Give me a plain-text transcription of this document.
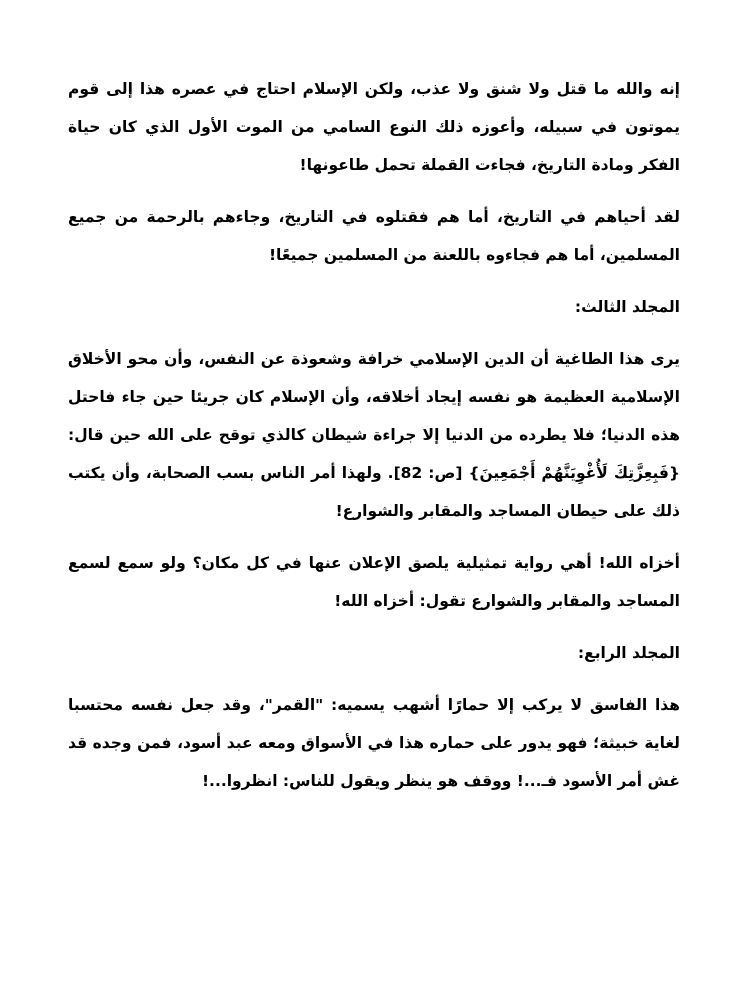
إنه والله ما قتل ولا شنق ولا عذب، ولكن الإسلام احتاج في عصره هذا إلى قوم يموتون في سبيله، وأعوزه ذلك النوع السامي من الموت الأول الذي كان حياة الفكر ومادة التاريخ، فجاءت القملة تحمل طاعونها!

لقد أحياهم في التاريخ، أما هم فقتلوه في التاريخ، وجاءهم بالرحمة من جميع المسلمين، أما هم فجاءوه باللعنة من المسلمين جميعًا!

المجلد الثالث:

يرى هذا الطاغية أن الدين الإسلامي خرافة وشعوذة عن النفس، وأن محو الأخلاق الإسلامية العظيمة هو نفسه إيجاد أخلاقه، وأن الإسلام كان جريئا حين جاء فاحتل هذه الدنيا؛ فلا يطرده من الدنيا إلا جراءة شيطان كالذي توقح على الله حين قال: {فَبِعِزَّتِكَ لَأُغْوِيَنَّهُمْ أَجْمَعِينَ} [ص: 82]. ولهذا أمر الناس بسب الصحابة، وأن يكتب ذلك على حيطان المساجد والمقابر والشوارع!

أخزاه الله! أهي رواية تمثيلية يلصق الإعلان عنها في كل مكان؟ ولو سمع لسمع المساجد والمقابر والشوارع تقول: أخزاه الله!

المجلد الرابع:

هذا الفاسق لا يركب إلا حمارًا أشهب يسميه: "القمر"، وقد جعل نفسه محتسبا لغاية خبيثة؛ فهو يدور على حماره هذا في الأسواق ومعه عبد أسود، فمن وجده قد غش أمر الأسود فـ...! ووقف هو ينظر ويقول للناس: انظروا...!
